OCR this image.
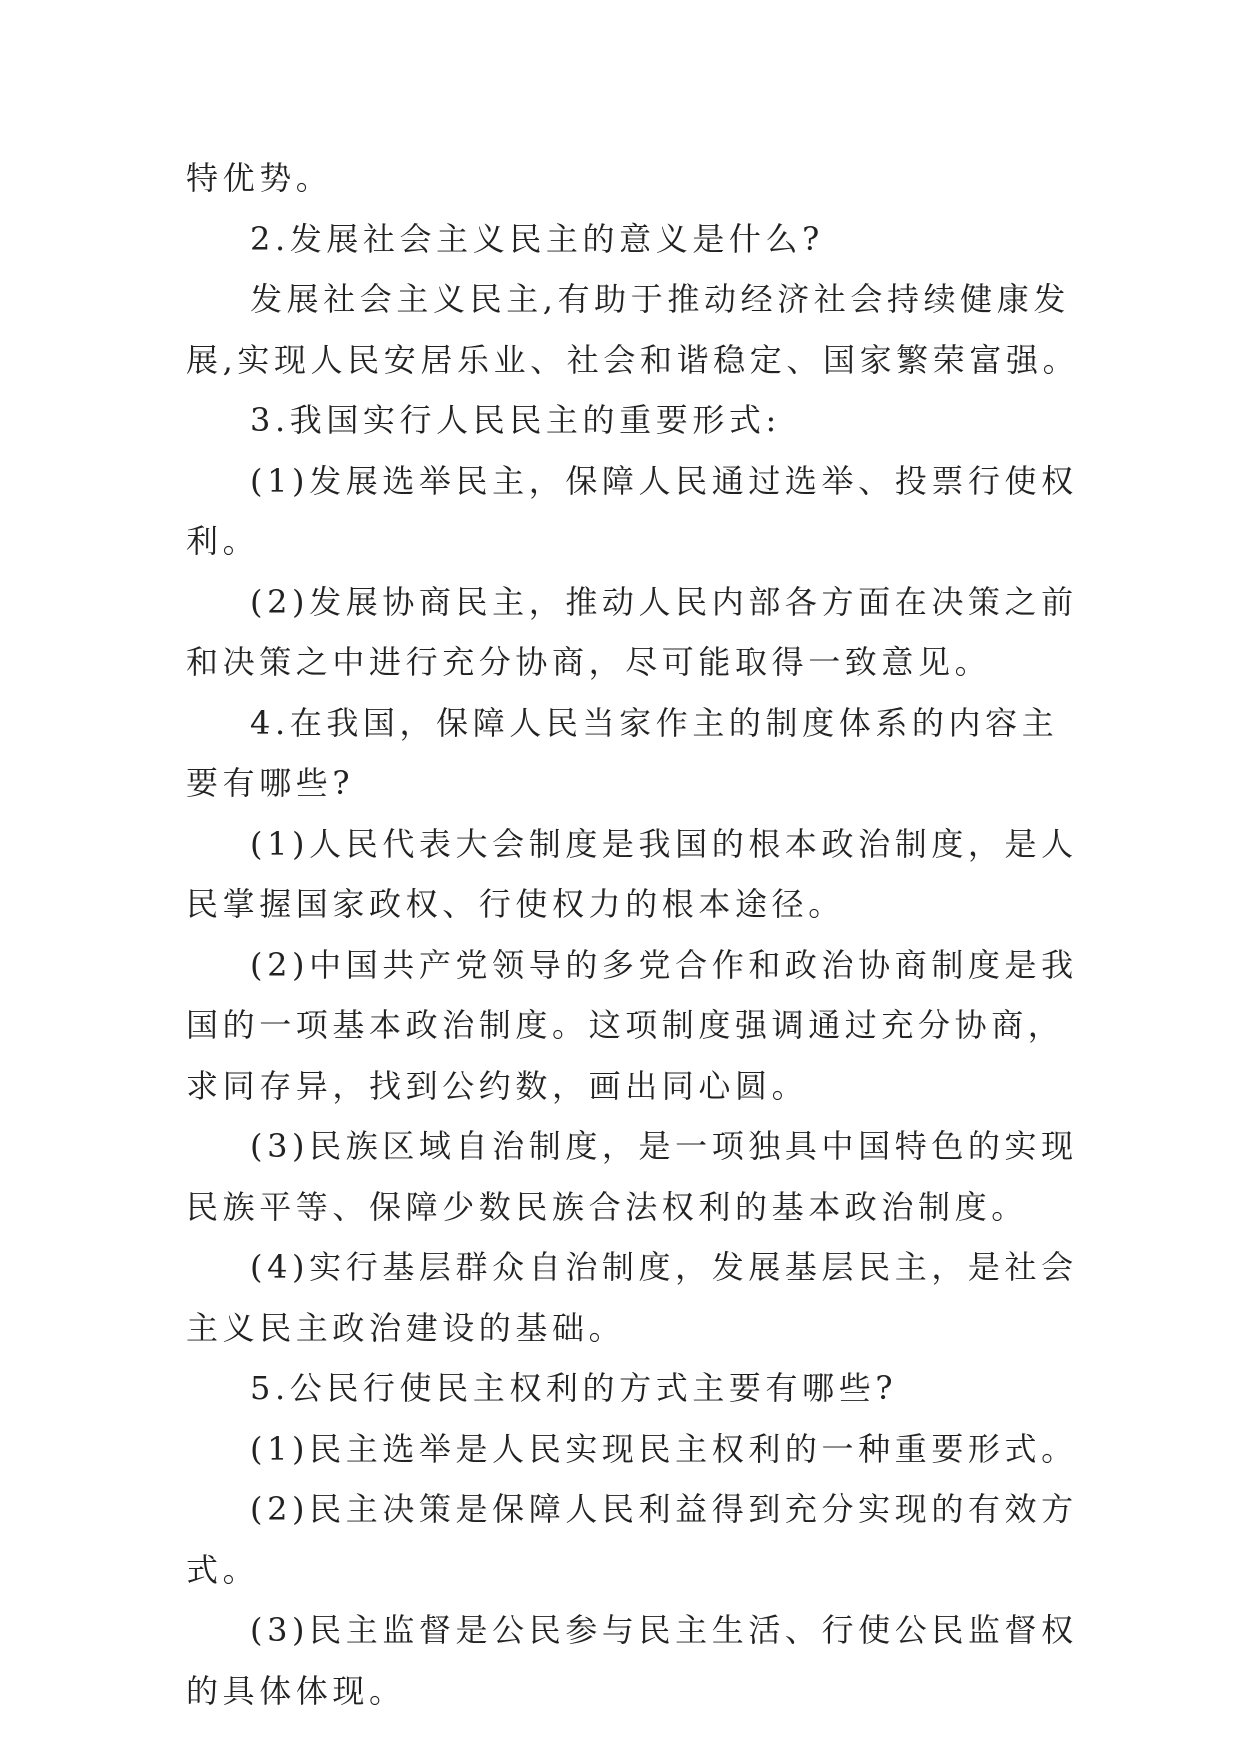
特优势。

2.发展社会主义民主的意义是什么?

发展社会主义民主,有助于推动经济社会持续健康发展,实现人民安居乐业、社会和谐稳定、国家繁荣富强。

3.我国实行人民民主的重要形式:

(1)发展选举民主，保障人民通过选举、投票行使权利。

(2)发展协商民主，推动人民内部各方面在决策之前和决策之中进行充分协商，尽可能取得一致意见。

4.在我国，保障人民当家作主的制度体系的内容主要有哪些?

(1)人民代表大会制度是我国的根本政治制度，是人民掌握国家政权、行使权力的根本途径。

(2)中国共产党领导的多党合作和政治协商制度是我国的一项基本政治制度。这项制度强调通过充分协商，求同存异，找到公约数，画出同心圆。

(3)民族区域自治制度，是一项独具中国特色的实现民族平等、保障少数民族合法权利的基本政治制度。

(4)实行基层群众自治制度，发展基层民主，是社会主义民主政治建设的基础。

5.公民行使民主权利的方式主要有哪些?

(1)民主选举是人民实现民主权利的一种重要形式。

(2)民主决策是保障人民利益得到充分实现的有效方式。

(3)民主监督是公民参与民主生活、行使公民监督权的具体体现。
